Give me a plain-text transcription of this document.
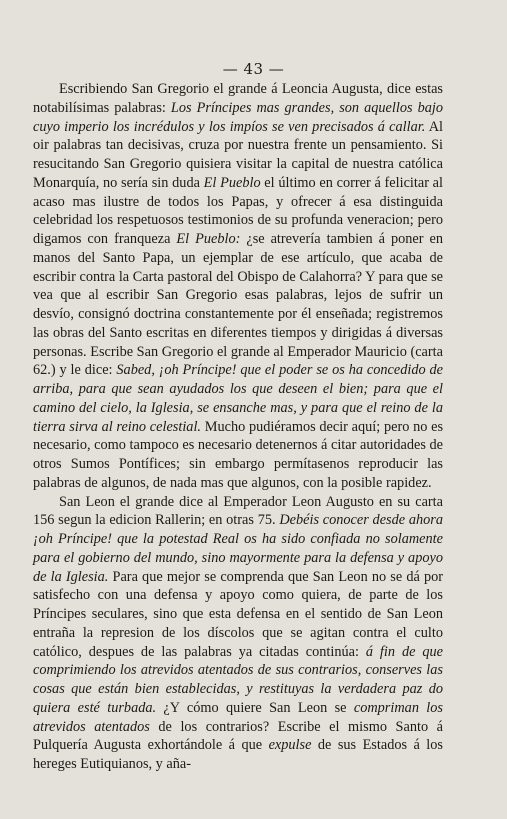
— 43 —

Escribiendo San Gregorio el grande á Leoncia Augusta, dice estas notabilísimas palabras: Los Príncipes mas grandes, son aquellos bajo cuyo imperio los incrédulos y los impíos se ven precisados á callar. Al oir palabras tan decisivas, cruza por nuestra frente un pensamiento. Si resucitando San Gregorio quisiera visitar la capital de nuestra católica Monarquía, no sería sin duda El Pueblo el último en correr á felicitar al acaso mas ilustre de todos los Papas, y ofrecer á esa distinguida celebridad los respetuosos testimonios de su profunda veneracion; pero digamos con franqueza El Pueblo: ¿se atrevería tambien á poner en manos del Santo Papa, un ejemplar de ese artículo, que acaba de escribir contra la Carta pastoral del Obispo de Calahorra? Y para que se vea que al escribir San Gregorio esas palabras, lejos de sufrir un desvío, consignó doctrina constantemente por él enseñada; registremos las obras del Santo escritas en diferentes tiempos y dirigidas á diversas personas. Escribe San Gregorio el grande al Emperador Mauricio (carta 62.) y le dice: Sabed, ¡oh Príncipe! que el poder se os ha concedido de arriba, para que sean ayudados los que deseen el bien; para que el camino del cielo, la Iglesia, se ensanche mas, y para que el reino de la tierra sirva al reino celestial. Mucho pudiéramos decir aquí; pero no es necesario, como tampoco es necesario detenernos á citar autoridades de otros Sumos Pontífices; sin embargo permítasenos reproducir las palabras de algunos, de nada mas que algunos, con la posible rapidez.

San Leon el grande dice al Emperador Leon Augusto en su carta 156 segun la edicion Rallerin; en otras 75. Debéis conocer desde ahora ¡oh Príncipe! que la potestad Real os ha sido confiada no solamente para el gobierno del mundo, sino mayormente para la defensa y apoyo de la Iglesia. Para que mejor se comprenda que San Leon no se dá por satisfecho con una defensa y apoyo como quiera, de parte de los Príncipes seculares, sino que esta defensa en el sentido de San Leon entraña la represion de los díscolos que se agitan contra el culto católico, despues de las palabras ya citadas continúa: á fin de que comprimiendo los atrevidos atentados de sus contrarios, conserves las cosas que están bien establecidas, y restituyas la verdadera paz do quiera esté turbada. ¿Y cómo quiere San Leon se compriman los atrevidos atentados de los contrarios? Escribe el mismo Santo á Pulquería Augusta exhortándole á que expulse de sus Estados á los hereges Eutiquianos, y aña-
